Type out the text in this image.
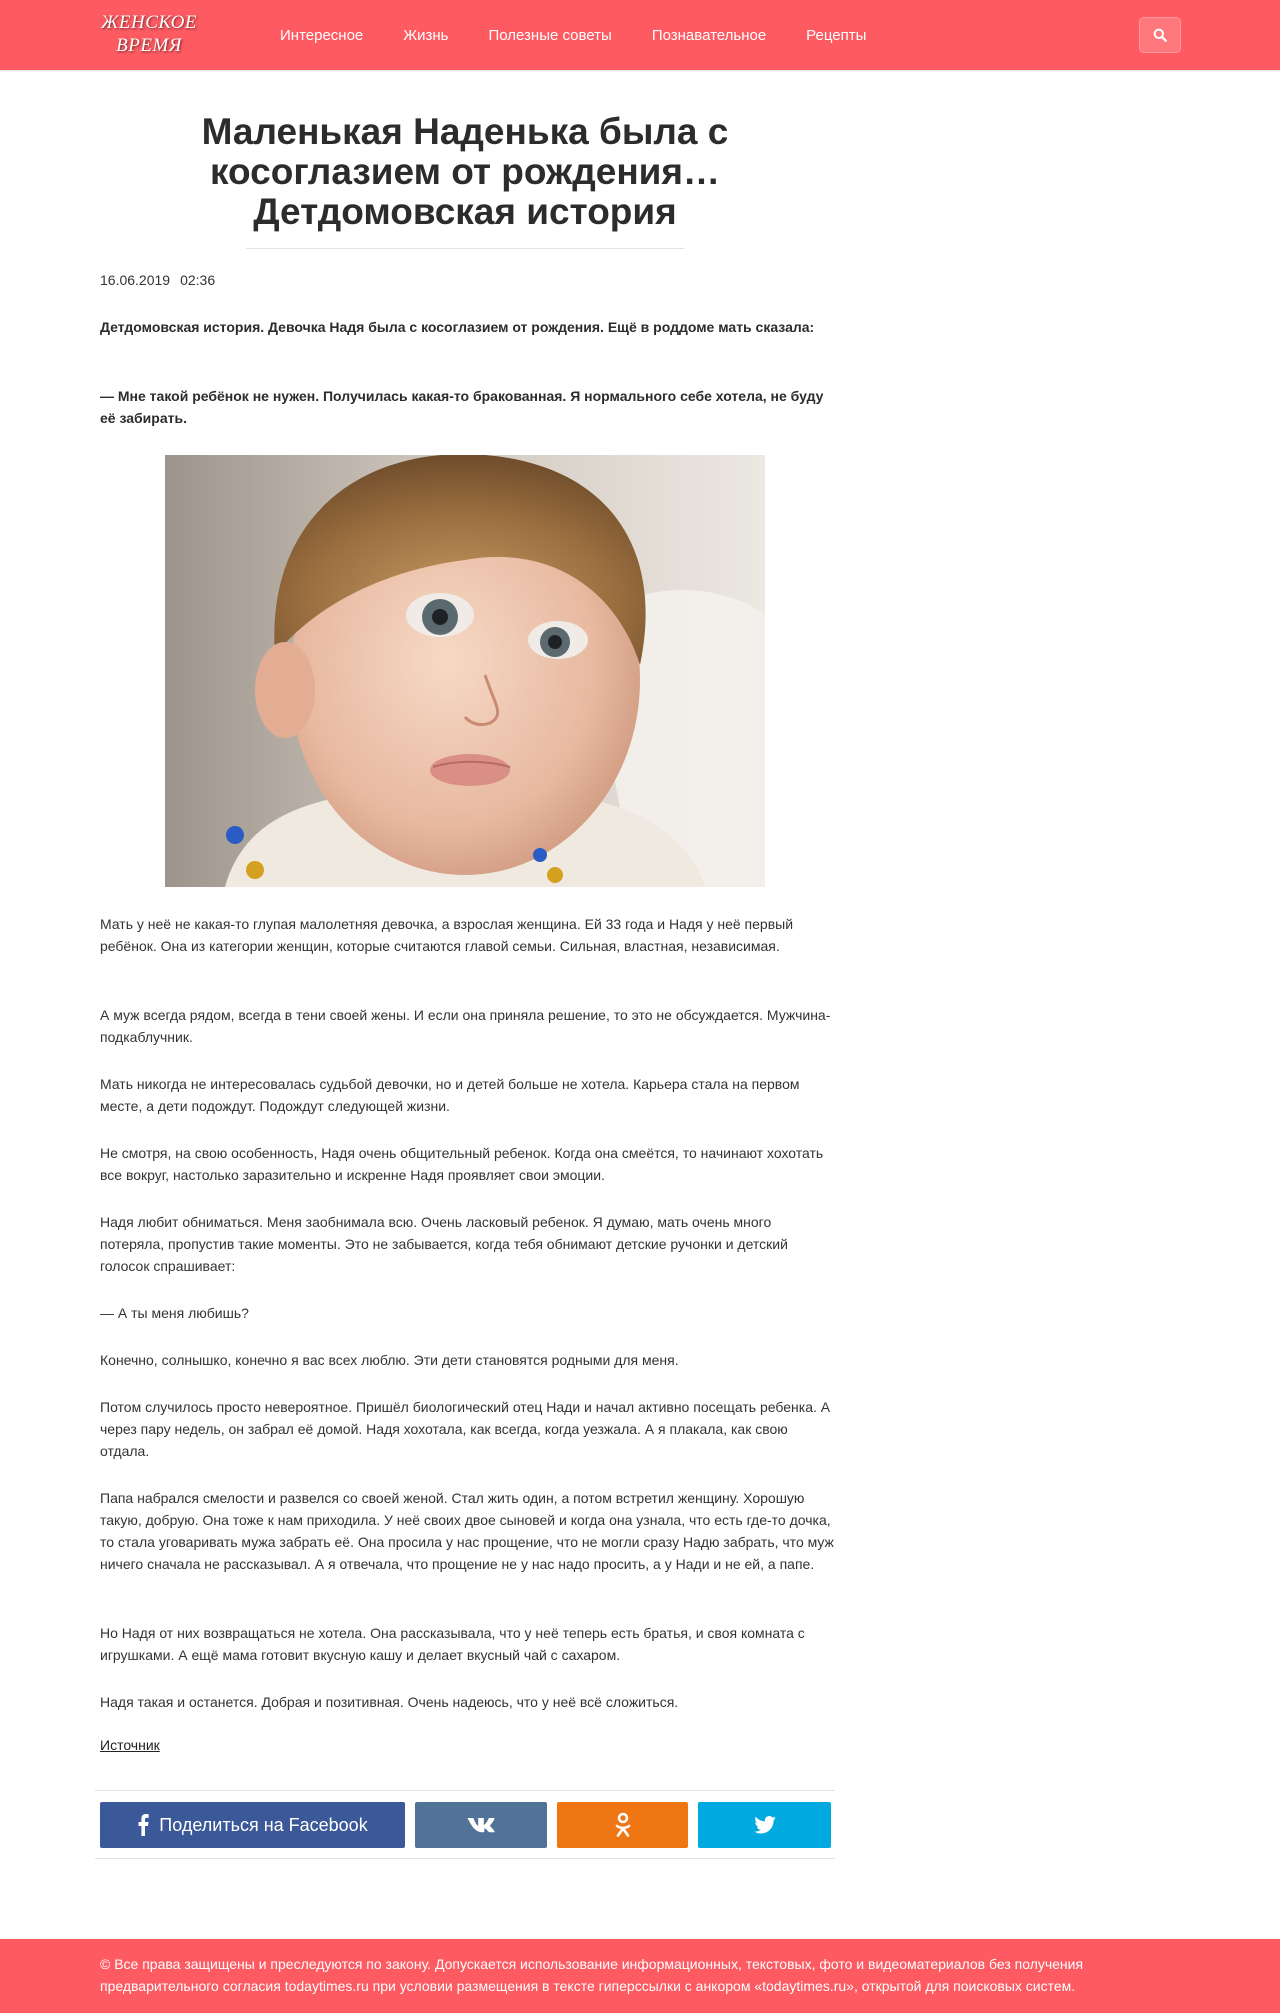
ЖЕНСКОЕ
ВРЕМЯ	Интересное	Жизнь	Полезные советы	Познавательное	Рецепты
Маленькая Наденька была с косоглазием от рождения… Детдомовская история
16.06.2019 02:36

Детдомовская история. Девочка Надя была с косоглазием от рождения. Ещё в роддоме мать сказала:

— Мне такой ребёнок не нужен. Получилась какая-то бракованная. Я нормального себе хотела, не буду её забирать.

Мать у неё не какая-то глупая малолетняя девочка, а взрослая женщина. Ей 33 года и Надя у неё первый ребёнок. Она из категории женщин, которые считаются главой семьи. Сильная, властная, независимая.

А муж всегда рядом, всегда в тени своей жены. И если она приняла решение, то это не обсуждается. Мужчина- подкаблучник.

Мать никогда не интересовалась судьбой девочки, но и детей больше не хотела. Карьера стала на первом месте, а дети подождут. Подождут следующей жизни.

Не смотря, на свою особенность, Надя очень общительный ребенок. Когда она смеётся, то начинают хохотать все вокруг, настолько заразительно и искренне Надя проявляет свои эмоции.

Надя любит обниматься. Меня заобнимала всю. Очень ласковый ребенок. Я думаю, мать очень много потеряла, пропустив такие моменты. Это не забывается, когда тебя обнимают детские ручонки и детский голосок спрашивает:

— А ты меня любишь?

Конечно, солнышко, конечно я вас всех люблю. Эти дети становятся родными для меня.

Потом случилось просто невероятное. Пришёл биологический отец Нади и начал активно посещать ребенка. А через пару недель, он забрал её домой. Надя хохотала, как всегда, когда уезжала. А я плакала, как свою отдала.

Папа набрался смелости и развелся со своей женой. Стал жить один, а потом встретил женщину. Хорошую такую, добрую. Она тоже к нам приходила. У неё своих двое сыновей и когда она узнала, что есть где-то дочка, то стала уговаривать мужа забрать её. Она просила у нас прощение, что не могли сразу Надю забрать, что муж ничего сначала не рассказывал. А я отвечала, что прощение не у нас надо просить, а у Нади и не ей, а папе.

Но Надя от них возвращаться не хотела. Она рассказывала, что у неё теперь есть братья, и своя комната с игрушками. А ещё мама готовит вкусную кашу и делает вкусный чай с сахаром.

Надя такая и останется. Добрая и позитивная. Очень надеюсь, что у неё всё сложиться.

Источник
Поделиться на Facebook

© Все права защищены и преследуются по закону. Допускается использование информационных, текстовых, фото и видеоматериалов без получения предварительного согласия todaytimes.ru при условии размещения в тексте гиперссылки с анкором «todaytimes.ru», открытой для поисковых систем.
